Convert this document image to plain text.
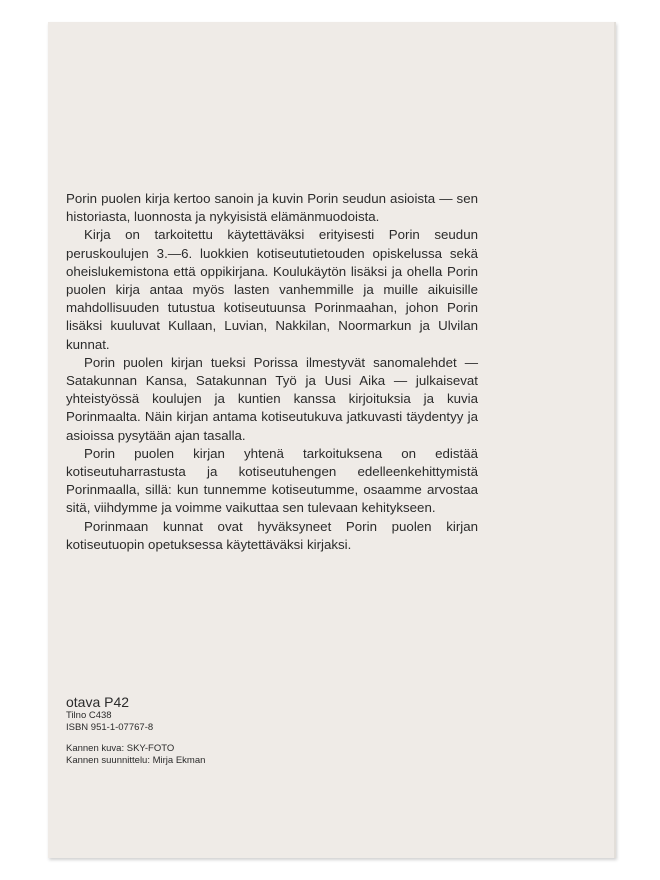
Porin puolen kirja kertoo sanoin ja kuvin Porin seudun asioista — sen historiasta, luonnosta ja nykyisistä elämänmuodoista.

Kirja on tarkoitettu käytettäväksi erityisesti Porin seudun peruskoulujen 3.—6. luokkien kotiseututietouden opiskelussa sekä oheislukemistona että oppikirjana. Koulukäytön lisäksi ja ohella Porin puolen kirja antaa myös lasten vanhemmille ja muille aikuisille mahdollisuuden tutustua kotiseutuunsa Porinmaahan, johon Porin lisäksi kuuluvat Kullaan, Luvian, Nakkilan, Noormarkun ja Ulvilan kunnat.

Porin puolen kirjan tueksi Porissa ilmestyvät sanomalehdet — Satakunnan Kansa, Satakunnan Työ ja Uusi Aika — julkaisevat yhteistyössä koulujen ja kuntien kanssa kirjoituksia ja kuvia Porinmaalta. Näin kirjan antama kotiseutukuva jatkuvasti täydentyy ja asioissa pysytään ajan tasalla.

Porin puolen kirjan yhtenä tarkoituksena on edistää kotiseutuharrastusta ja kotiseutuhengen edelleenkehittymistä Porinmaalla, sillä: kun tunnemme kotiseutumme, osaamme arvostaa sitä, viihdymme ja voimme vaikuttaa sen tulevaan kehitykseen.

Porinmaan kunnat ovat hyväksyneet Porin puolen kirjan kotiseutuopin opetuksessa käytettäväksi kirjaksi.

otava P42
Tilno C438
ISBN 951-1-07767-8
Kannen kuva: SKY-FOTO
Kannen suunnittelu: Mirja Ekman
